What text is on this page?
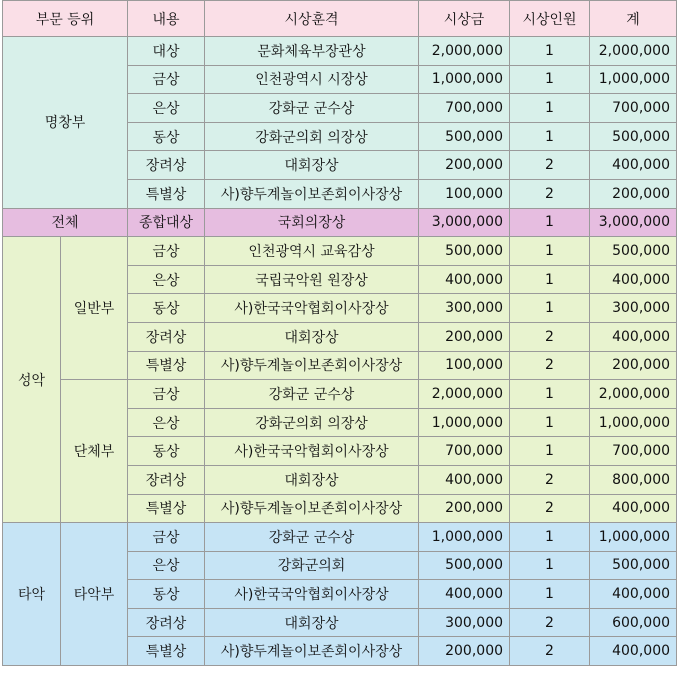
부문 등위		내용	시상훈격	시상금	시상인원	계
명창부		대상	문화체육부장관상	2,000,000	1	2,000,000
		금상	인천광역시 시장상	1,000,000	1	1,000,000
		은상	강화군 군수상	700,000	1	700,000
		동상	강화군의회 의장상	500,000	1	500,000
		장려상	대회장상	200,000	2	400,000
		특별상	사)향두계놀이보존회이사장상	100,000	2	200,000
전체		종합대상	국회의장상	3,000,000	1	3,000,000
성악	일반부	금상	인천광역시 교육감상	500,000	1	500,000
		은상	국립국악원 원장상	400,000	1	400,000
		동상	사)한국국악협회이사장상	300,000	1	300,000
		장려상	대회장상	200,000	2	400,000
		특별상	사)향두계놀이보존회이사장상	100,000	2	200,000
	단체부	금상	강화군 군수상	2,000,000	1	2,000,000
		은상	강화군의회 의장상	1,000,000	1	1,000,000
		동상	사)한국국악협회이사장상	700,000	1	700,000
		장려상	대회장상	400,000	2	800,000
		특별상	사)향두계놀이보존회이사장상	200,000	2	400,000
타악	타악부	금상	강화군 군수상	1,000,000	1	1,000,000
		은상	강화군의회	500,000	1	500,000
		동상	사)한국국악협회이사장상	400,000	1	400,000
		장려상	대회장상	300,000	2	600,000
		특별상	사)향두계놀이보존회이사장상	200,000	2	400,000
